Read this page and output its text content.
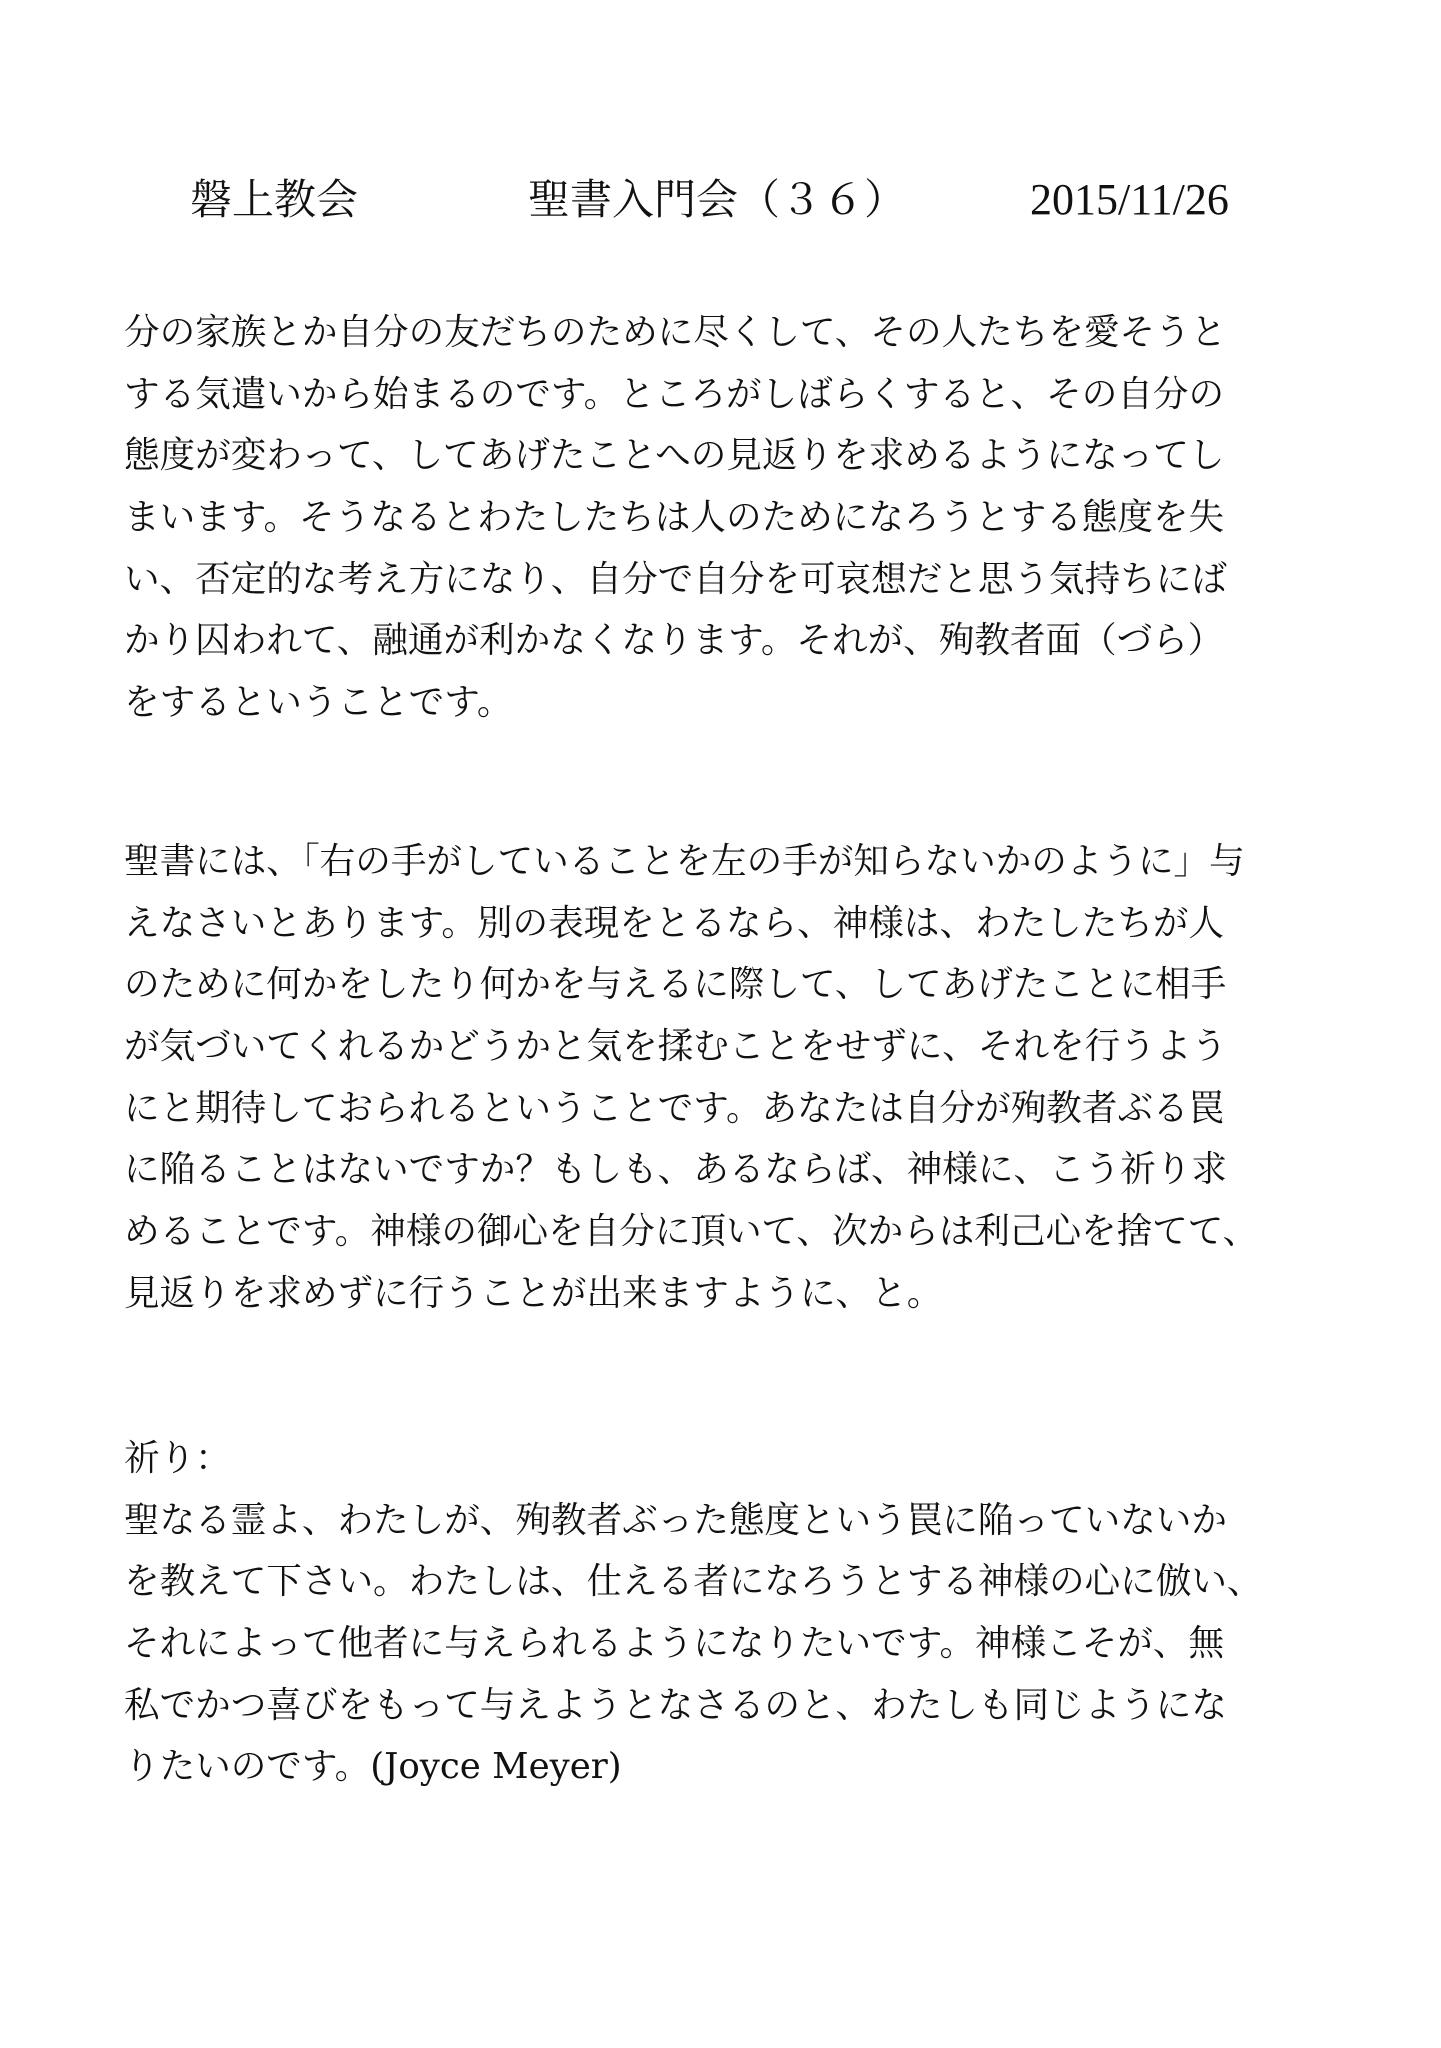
磐上教会	聖書入門会（３６）	2015/11/26
分の家族とか自分の友だちのために尽くして、その人たちを愛そうと
する気遣いから始まるのです。ところがしばらくすると、その自分の
態度が変わって、してあげたことへの見返りを求めるようになってし
まいます。そうなるとわたしたちは人のためになろうとする態度を失
い、否定的な考え方になり、自分で自分を可哀想だと思う気持ちにば
かり囚われて、融通が利かなくなります。それが、殉教者面（づら）
をするということです。
聖書には、「右の手がしていることを左の手が知らないかのように」与
えなさいとあります。別の表現をとるなら、神様は、わたしたちが人
のために何かをしたり何かを与えるに際して、してあげたことに相手
が気づいてくれるかどうかと気を揉むことをせずに、それを行うよう
にと期待しておられるということです。あなたは自分が殉教者ぶる罠
に陥ることはないですか？もしも、あるならば、神様に、こう祈り求
めることです。神様の御心を自分に頂いて、次からは利己心を捨てて、
見返りを求めずに行うことが出来ますように、と。
祈り：
聖なる霊よ、わたしが、殉教者ぶった態度という罠に陥っていないか
を教えて下さい。わたしは、仕える者になろうとする神様の心に倣い、
それによって他者に与えられるようになりたいです。神様こそが、無
私でかつ喜びをもって与えようとなさるのと、わたしも同じようにな
りたいのです。(Joyce Meyer)
